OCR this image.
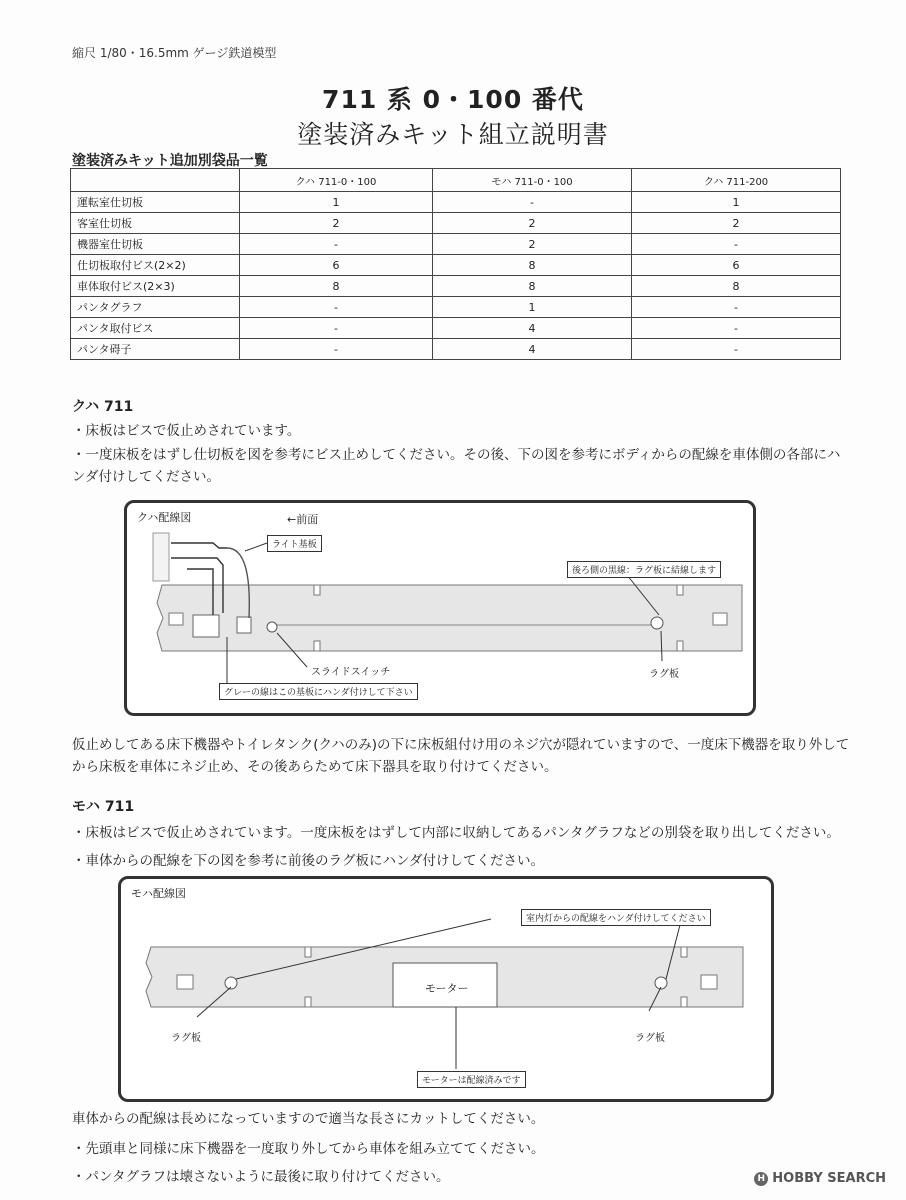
縮尺 1/80・16.5mm ゲージ鉄道模型
711 系 0・100 番代
塗装済みキット組立説明書
塗装済みキット追加別袋品一覧
	クハ 711-0・100	モハ 711-0・100	クハ 711-200
運転室仕切板	1	-	1
客室仕切板	2	2	2
機器室仕切板	-	2	-
仕切板取付ビス(2×2)	6	8	6
車体取付ビス(2×3)	8	8	8
パンタグラフ	-	1	-
パンタ取付ビス	-	4	-
パンタ碍子	-	4	-
クハ 711
・床板はビスで仮止めされています。
・一度床板をはずし仕切板を図を参考にビス止めしてください。その後、下の図を参考にボディからの配線を車体側の各部にハンダ付けしてください。
クハ配線図	←前面
ライト基板
後ろ側の黒線：ラグ板に結線します
スライドスイッチ	ラグ板
グレーの線はこの基板にハンダ付けして下さい
仮止めしてある床下機器やトイレタンク(クハのみ)の下に床板組付け用のネジ穴が隠れていますので、一度床下機器を取り外してから床板を車体にネジ止め、その後あらためて床下器具を取り付けてください。
モハ 711
・床板はビスで仮止めされています。一度床板をはずして内部に収納してあるパンタグラフなどの別袋を取り出してください。
・車体からの配線を下の図を参考に前後のラグ板にハンダ付けしてください。
モハ配線図
室内灯からの配線をハンダ付けしてください
モーター
ラグ板	ラグ板
モーターは配線済みです
車体からの配線は長めになっていますので適当な長さにカットしてください。
・先頭車と同様に床下機器を一度取り外してから車体を組み立ててください。
・パンタグラフは壊さないように最後に取り付けてください。	H HOBBY SEARCH
